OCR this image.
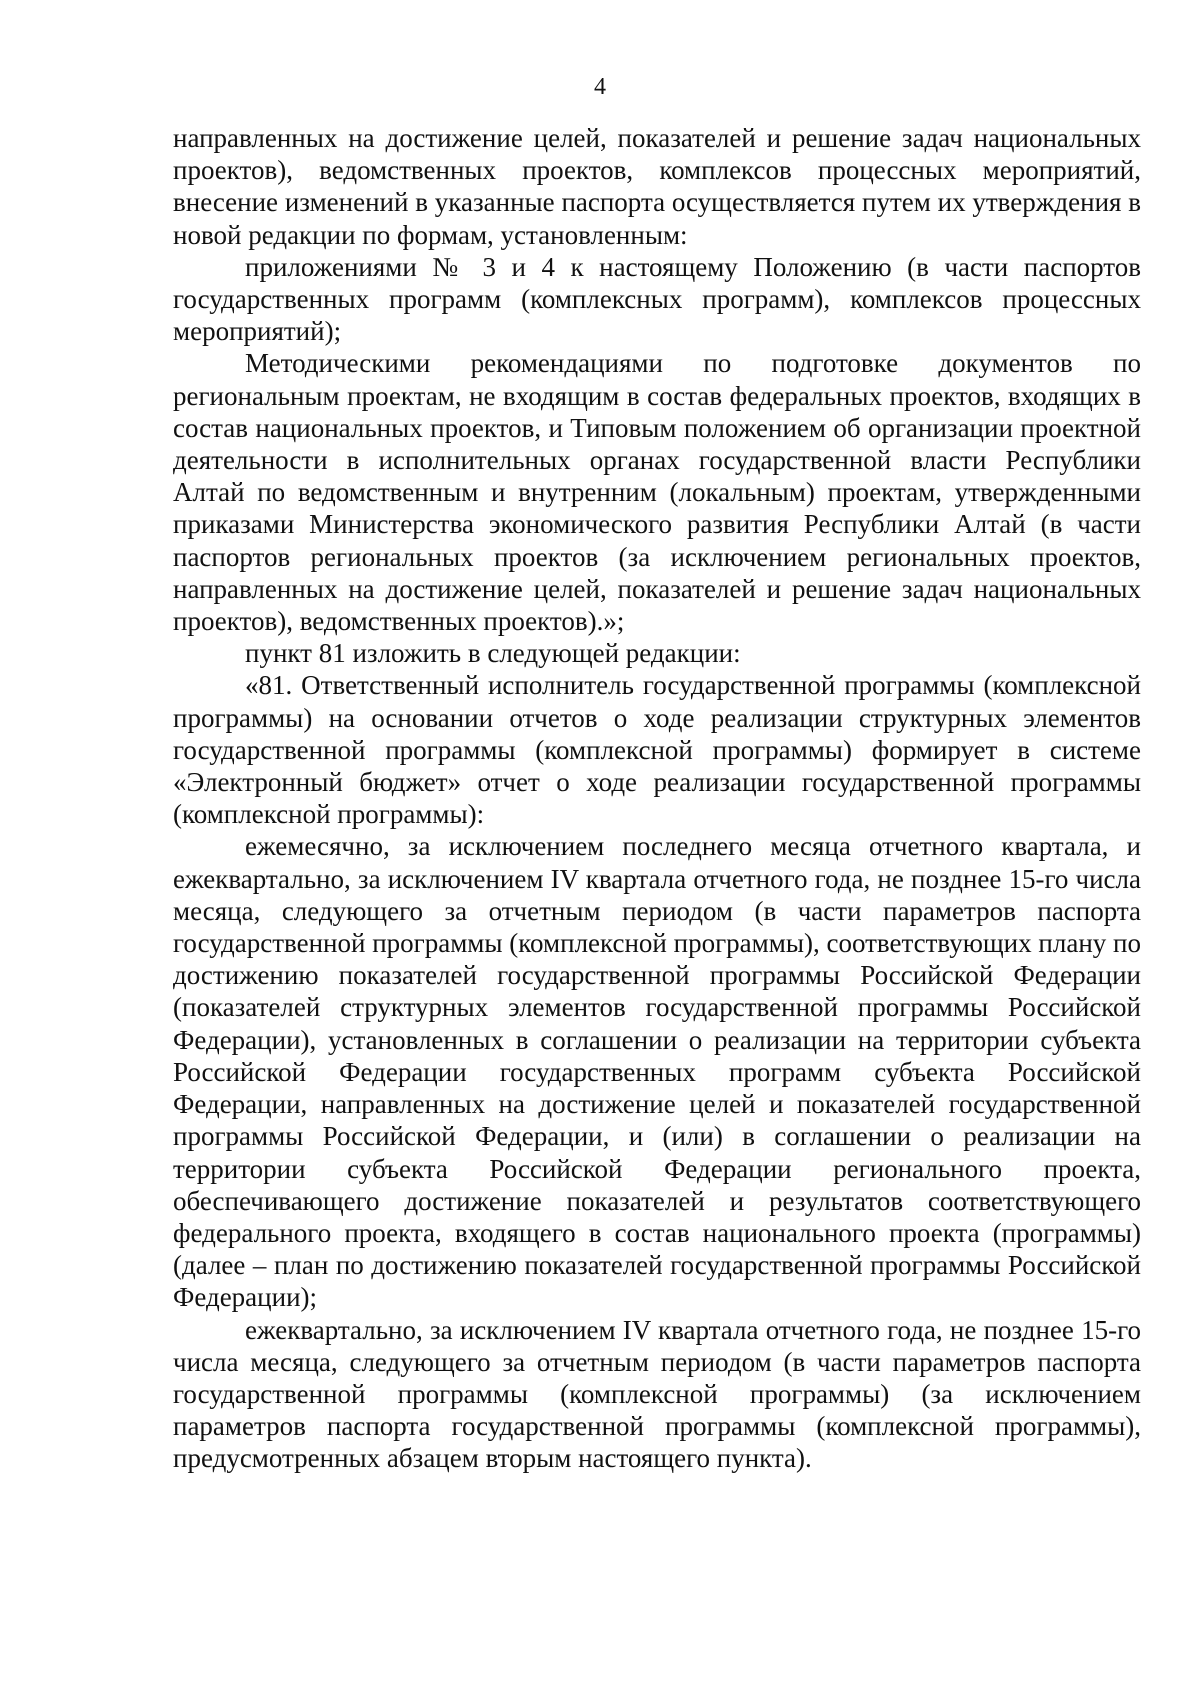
4

направленных на достижение целей, показателей и решение задач национальных проектов), ведомственных проектов, комплексов процессных мероприятий, внесение изменений в указанные паспорта осуществляется путем их утверждения в новой редакции по формам, установленным:

приложениями № 3 и 4 к настоящему Положению (в части паспортов государственных программ (комплексных программ), комплексов процессных мероприятий);

Методическими рекомендациями по подготовке документов по региональным проектам, не входящим в состав федеральных проектов, входящих в состав национальных проектов, и Типовым положением об организации проектной деятельности в исполнительных органах государственной власти Республики Алтай по ведомственным и внутренним (локальным) проектам, утвержденными приказами Министерства экономического развития Республики Алтай (в части паспортов региональных проектов (за исключением региональных проектов, направленных на достижение целей, показателей и решение задач национальных проектов), ведомственных проектов).»;

пункт 81 изложить в следующей редакции:

«81. Ответственный исполнитель государственной программы (комплексной программы) на основании отчетов о ходе реализации структурных элементов государственной программы (комплексной программы) формирует в системе «Электронный бюджет» отчет о ходе реализации государственной программы (комплексной программы):

ежемесячно, за исключением последнего месяца отчетного квартала, и ежеквартально, за исключением IV квартала отчетного года, не позднее 15-го числа месяца, следующего за отчетным периодом (в части параметров паспорта государственной программы (комплексной программы), соответствующих плану по достижению показателей государственной программы Российской Федерации (показателей структурных элементов государственной программы Российской Федерации), установленных в соглашении о реализации на территории субъекта Российской Федерации государственных программ субъекта Российской Федерации, направленных на достижение целей и показателей государственной программы Российской Федерации, и (или) в соглашении о реализации на территории субъекта Российской Федерации регионального проекта, обеспечивающего достижение показателей и результатов соответствующего федерального проекта, входящего в состав национального проекта (программы) (далее – план по достижению показателей государственной программы Российской Федерации);

ежеквартально, за исключением IV квартала отчетного года, не позднее 15-го числа месяца, следующего за отчетным периодом (в части параметров паспорта государственной программы (комплексной программы) (за исключением параметров паспорта государственной программы (комплексной программы), предусмотренных абзацем вторым настоящего пункта).
